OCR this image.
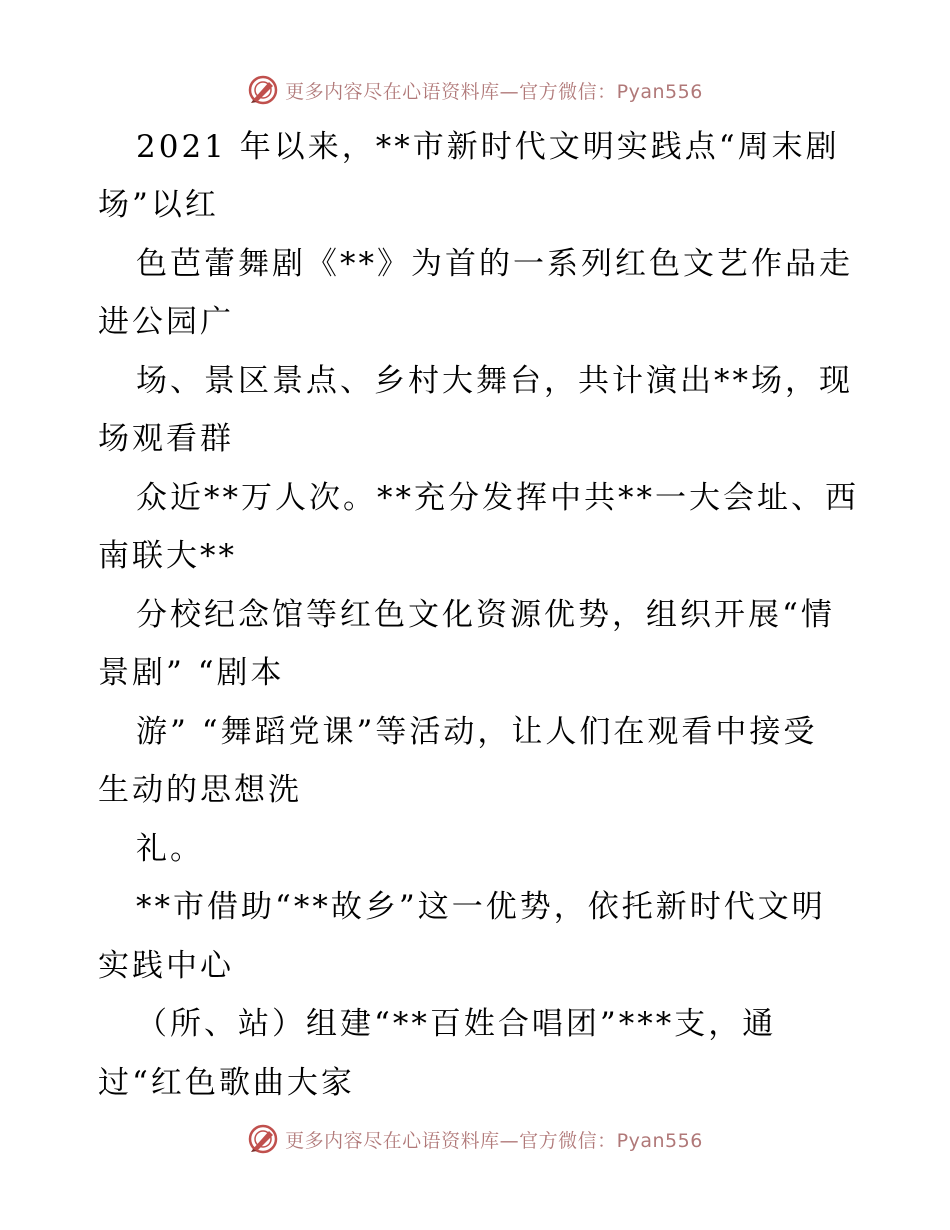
更多内容尽在心语资料库—官方微信：Pyan556
2021 年以来，**市新时代文明实践点“周末剧
场”以红
色芭蕾舞剧《**》为首的一系列红色文艺作品走
进公园广
场、景区景点、乡村大舞台，共计演出**场，现
场观看群
众近**万人次。**充分发挥中共**一大会址、西
南联大**
分校纪念馆等红色文化资源优势，组织开展“情
景剧” “剧本
游” “舞蹈党课”等活动，让人们在观看中接受
生动的思想洗
礼。
**市借助“**故乡”这一优势，依托新时代文明
实践中心
（所、站）组建“**百姓合唱团”***支，通
过“红色歌曲大家
更多内容尽在心语资料库—官方微信：Pyan556
